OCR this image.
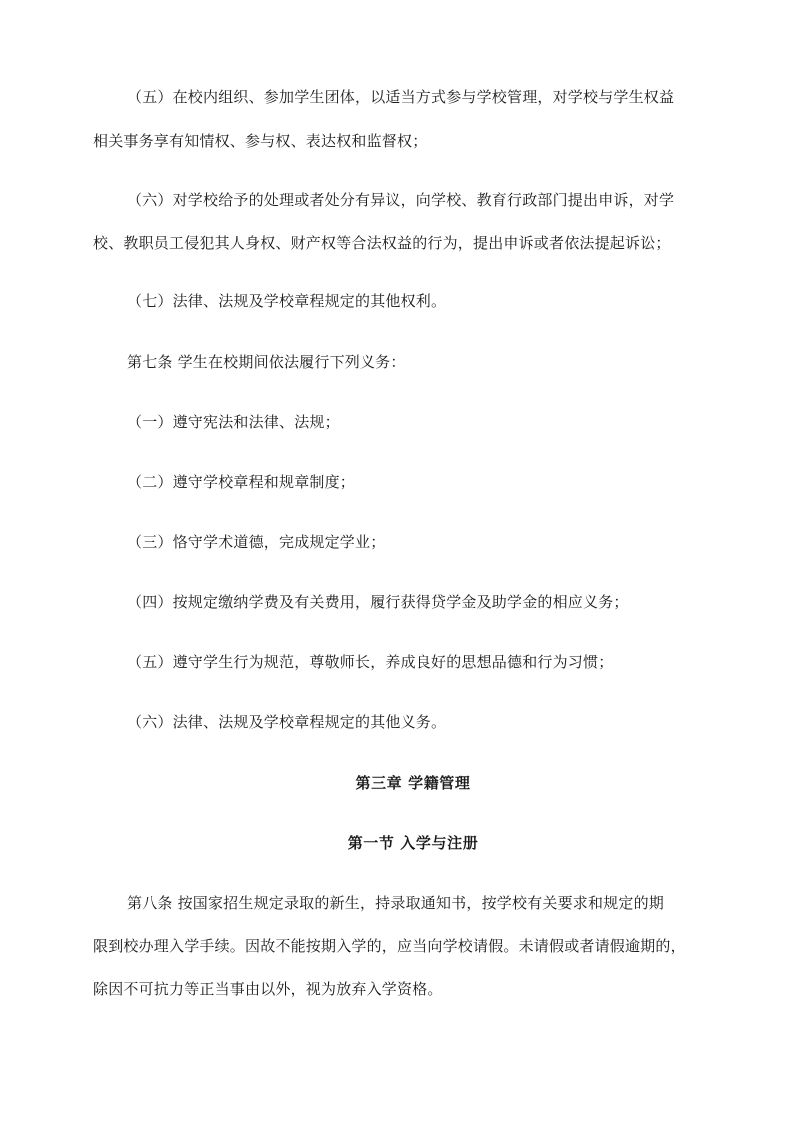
（五）在校内组织、参加学生团体，以适当方式参与学校管理，对学校与学生权益
相关事务享有知情权、参与权、表达权和监督权；
（六）对学校给予的处理或者处分有异议，向学校、教育行政部门提出申诉，对学
校、教职员工侵犯其人身权、财产权等合法权益的行为，提出申诉或者依法提起诉讼；
（七）法律、法规及学校章程规定的其他权利。
第七条 学生在校期间依法履行下列义务：
（一）遵守宪法和法律、法规；
（二）遵守学校章程和规章制度；
（三）恪守学术道德，完成规定学业；
（四）按规定缴纳学费及有关费用，履行获得贷学金及助学金的相应义务；
（五）遵守学生行为规范，尊敬师长，养成良好的思想品德和行为习惯；
（六）法律、法规及学校章程规定的其他义务。
第三章 学籍管理
第一节 入学与注册
第八条 按国家招生规定录取的新生，持录取通知书，按学校有关要求和规定的期
限到校办理入学手续。因故不能按期入学的，应当向学校请假。未请假或者请假逾期的，
除因不可抗力等正当事由以外，视为放弃入学资格。
